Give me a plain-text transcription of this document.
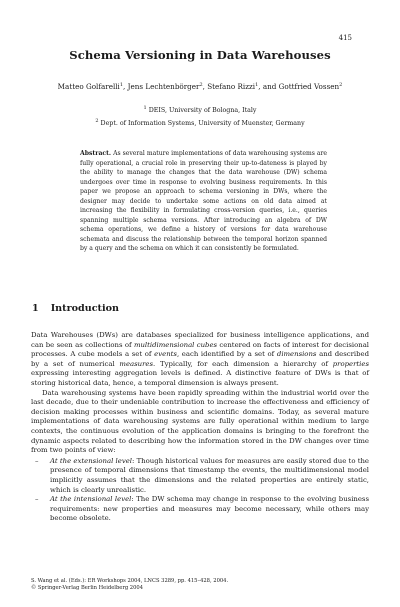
415
Schema Versioning in Data Warehouses
Matteo Golfarelli$^1$, Jens Lechtenbörger$^2$, Stefano Rizzi$^1$, and Gottfried Vossen$^2$
$^1$ DEIS, University of Bologna, Italy
$^2$ Dept. of Information Systems, University of Muenster, Germany
Abstract. As several mature implementations of data warehousing systems are fully operational, a crucial role in preserving their up-to-dateness is played by the ability to manage the changes that the data warehouse (DW) schema undergoes over time in response to evolving business requirements. In this paper we propose an approach to schema versioning in DWs, where the designer may decide to undertake some actions on old data aimed at increasing the flexibility in formulating cross-version queries, i.e., queries spanning multiple schema versions. After introducing an algebra of DW schema operations, we define a history of versions for data warehouse schemata and discuss the relationship between the temporal horizon spanned by a query and the schema on which it can consistently be formulated.
1 Introduction

Data Warehouses (DWs) are databases specialized for business intelligence applications, and can be seen as collections of multidimensional cubes centered on facts of interest for decisional processes. A cube models a set of events, each identified by a set of dimensions and described by a set of numerical measures. Typically, for each dimension a hierarchy of properties expressing interesting aggregation levels is defined. A distinctive feature of DWs is that of storing historical data, hence, a temporal dimension is always present.

Data warehousing systems have been rapidly spreading within the industrial world over the last decade, due to their undeniable contribution to increase the effectiveness and efficiency of decision making processes within business and scientific domains. Today, as several mature implementations of data warehousing systems are fully operational within medium to large contexts, the continuous evolution of the application domains is bringing to the forefront the dynamic aspects related to describing how the information stored in the DW changes over time from two points of view:

– At the extensional level: Though historical values for measures are easily stored due to the presence of temporal dimensions that timestamp the events, the multidimensional model implicitly assumes that the dimensions and the related properties are entirely static, which is clearly unrealistic.
– At the intensional level: The DW schema may change in response to the evolving business requirements: new properties and measures may become necessary, while others may become obsolete.
S. Wang et al. (Eds.): ER Workshops 2004, LNCS 3289, pp. 415–428, 2004.
© Springer-Verlag Berlin Heidelberg 2004
